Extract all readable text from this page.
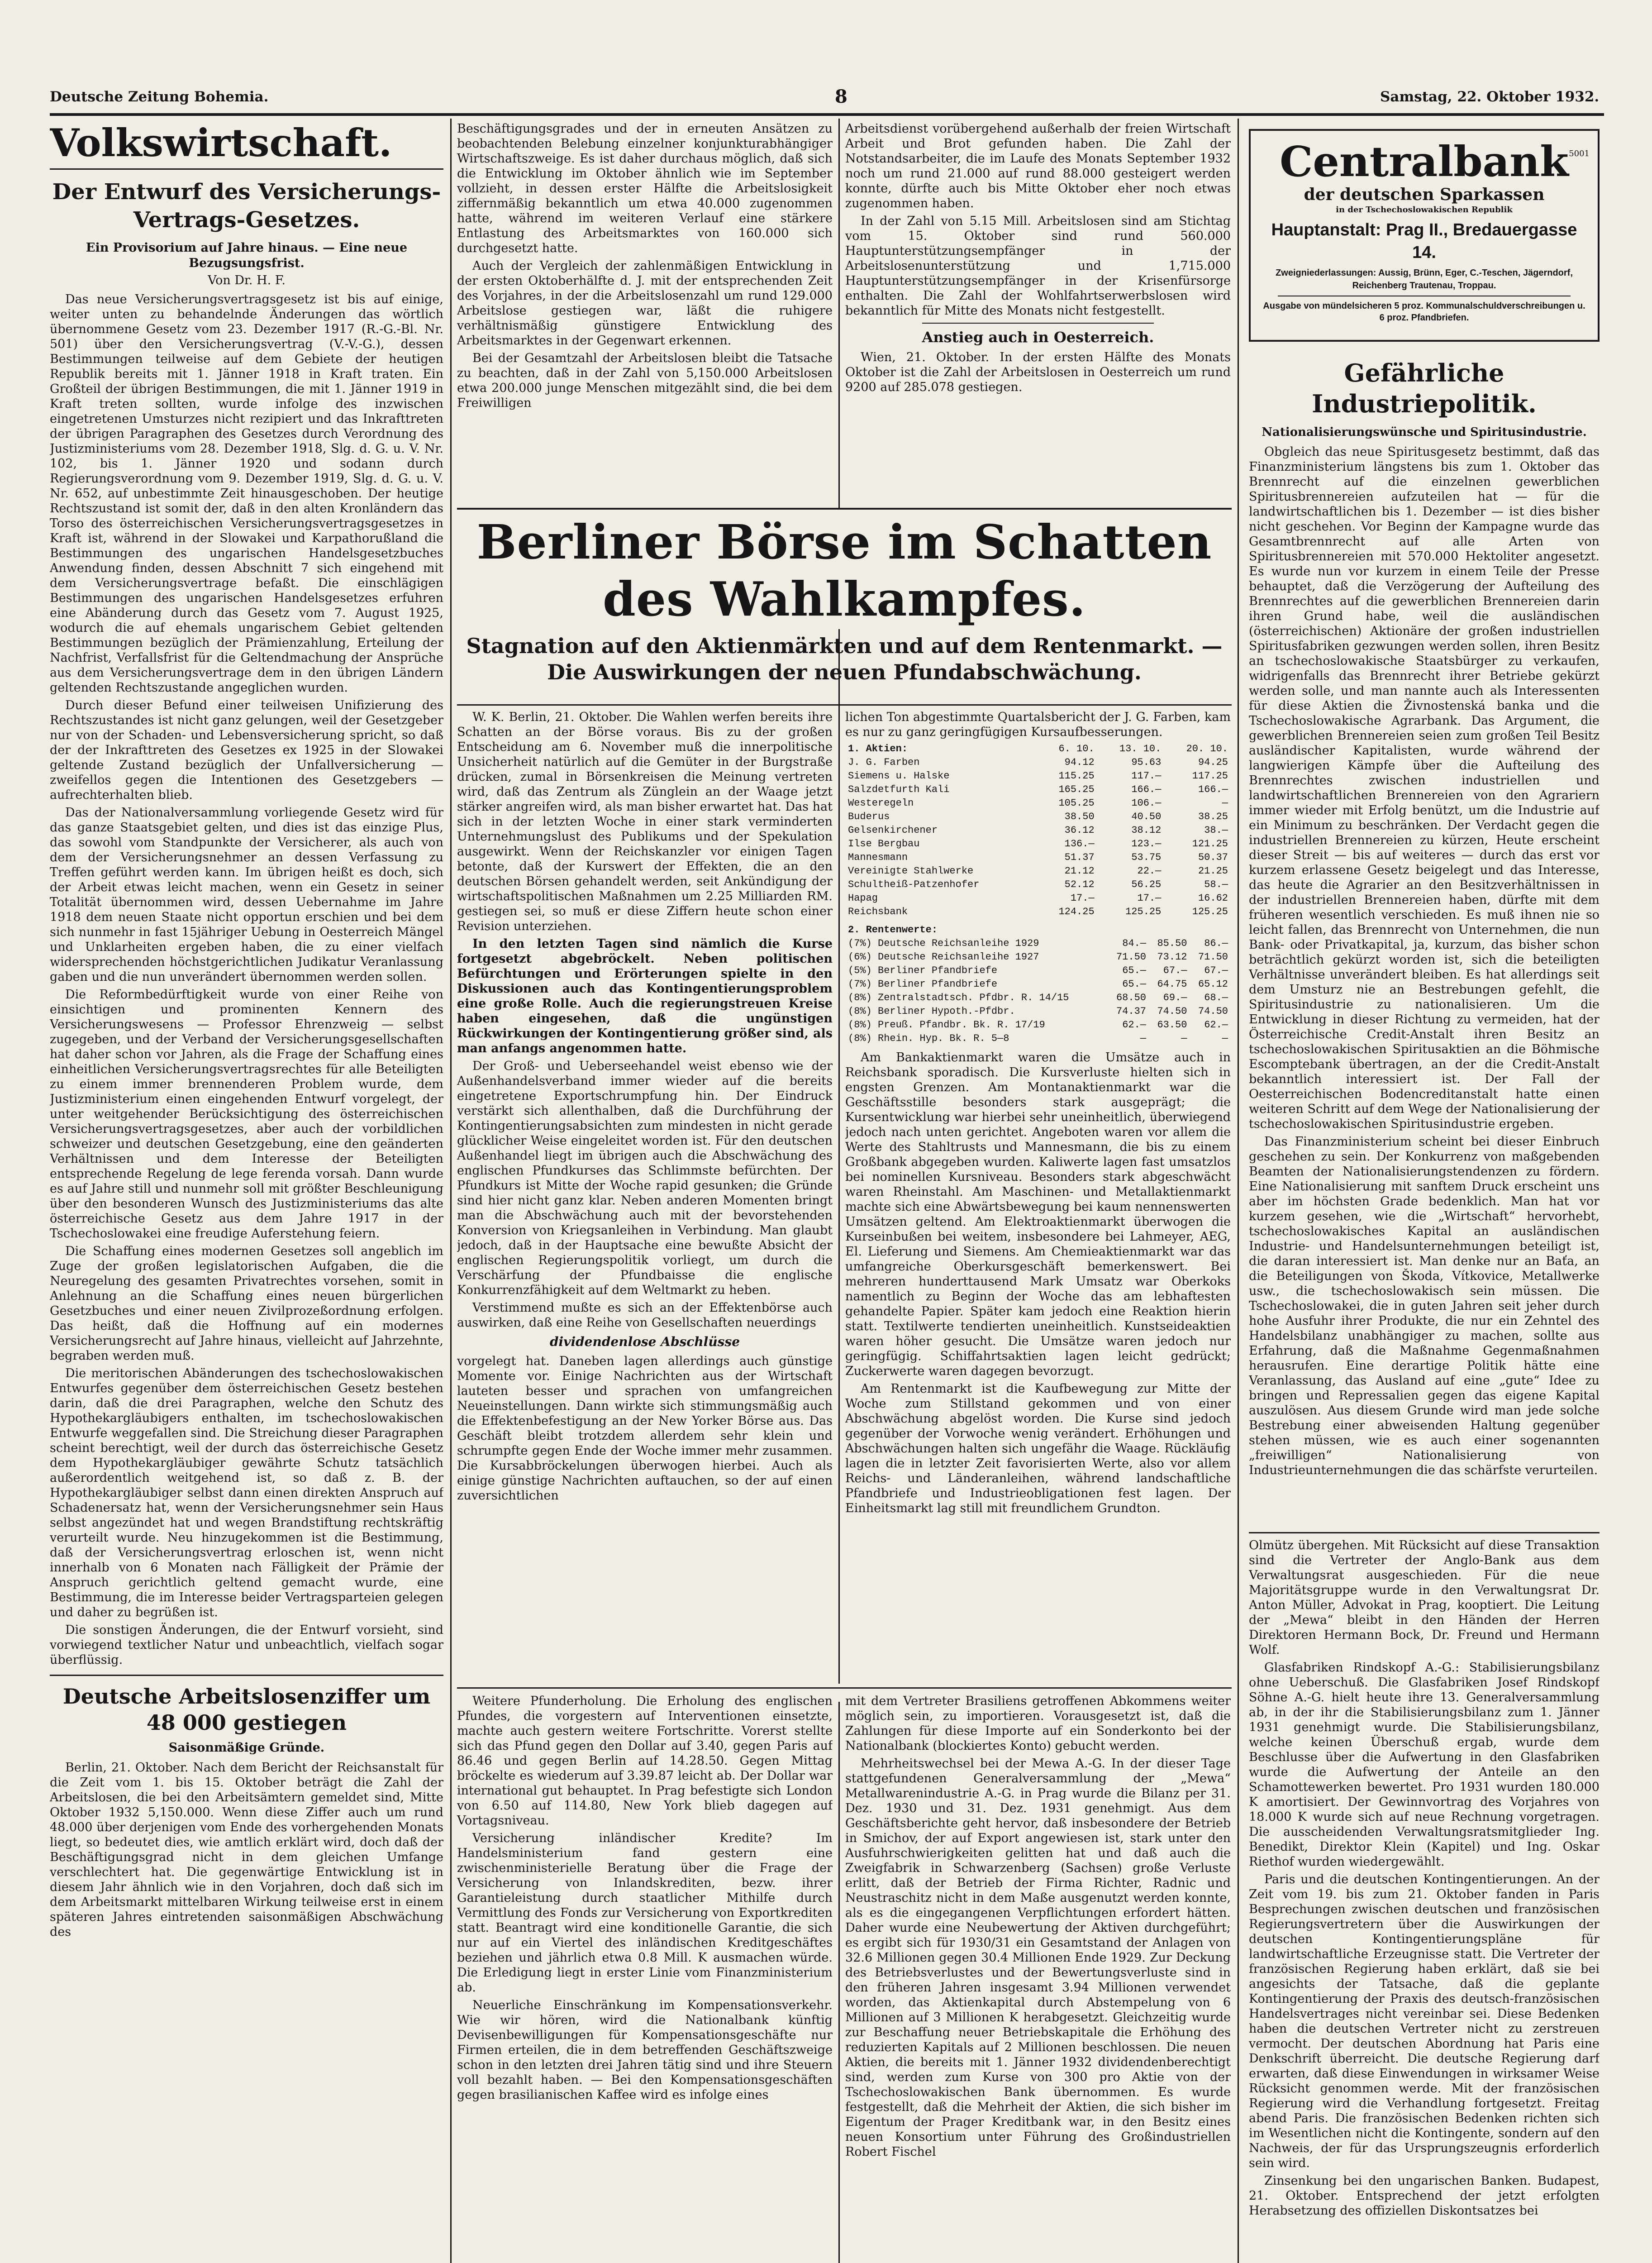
Deutsche Zeitung Bohemia.	8	Samstag, 22. Oktober 1932.
Volkswirtschaft.
Der Entwurf des Versicherungs-Vertrags-Gesetzes.
Ein Provisorium auf Jahre hinaus. — Eine neue Bezugsungsfrist.
Von Dr. H. F.

Das neue Versicherungsvertragsgesetz ist bis auf einige, weiter unten zu behandelnde Änderungen das wörtlich übernommene Gesetz vom 23. Dezember 1917 (R.-G.-Bl. Nr. 501) über den Versicherungsvertrag (V.-V.-G.), dessen Bestimmungen teilweise auf dem Gebiete der heutigen Republik bereits mit 1. Jänner 1918 in Kraft traten. Ein Großteil der übrigen Bestimmungen, die mit 1. Jänner 1919 in Kraft treten sollten, wurde infolge des inzwischen eingetretenen Umsturzes nicht rezipiert und das Inkrafttreten der übrigen Paragraphen des Gesetzes durch Verordnung des Justizministeriums vom 28. Dezember 1918, Slg. d. G. u. V. Nr. 102, bis 1. Jänner 1920 und sodann durch Regierungsverordnung vom 9. Dezember 1919, Slg. d. G. u. V. Nr. 652, auf unbestimmte Zeit hinausgeschoben. Der heutige Rechtszustand ist somit der, daß in den alten Kronländern das Torso des österreichischen Versicherungsvertragsgesetzes in Kraft ist, während in der Slowakei und Karpathorußland die Bestimmungen des ungarischen Handelsgesetzbuches Anwendung finden, dessen Abschnitt 7 sich eingehend mit dem Versicherungsvertrage befaßt. Die einschlägigen Bestimmungen des ungarischen Handelsgesetzes erfuhren eine Abänderung durch das Gesetz vom 7. August 1925, wodurch die auf ehemals ungarischem Gebiet geltenden Bestimmungen bezüglich der Prämienzahlung, Erteilung der Nachfrist, Verfallsfrist für die Geltendmachung der Ansprüche aus dem Versicherungsvertrage dem in den übrigen Ländern geltenden Rechtszustande angeglichen wurden.

Durch dieser Befund einer teilweisen Unifizierung des Rechtszustandes ist nicht ganz gelungen, weil der Gesetzgeber nur von der Schaden- und Lebensversicherung spricht, so daß der der Inkrafttreten des Gesetzes ex 1925 in der Slowakei geltende Zustand bezüglich der Unfallversicherung — zweifellos gegen die Intentionen des Gesetzgebers — aufrechterhalten blieb.

Das der Nationalversammlung vorliegende Gesetz wird für das ganze Staatsgebiet gelten, und dies ist das einzige Plus, das sowohl vom Standpunkte der Versicherer, als auch von dem der Versicherungsnehmer an dessen Verfassung zu Treffen geführt werden kann. Im übrigen heißt es doch, sich der Arbeit etwas leicht machen, wenn ein Gesetz in seiner Totalität übernommen wird, dessen Uebernahme im Jahre 1918 dem neuen Staate nicht opportun erschien und bei dem sich nunmehr in fast 15jähriger Uebung in Oesterreich Mängel und Unklarheiten ergeben haben, die zu einer vielfach widersprechenden höchstgerichtlichen Judikatur Veranlassung gaben und die nun unverändert übernommen werden sollen.

Die Reformbedürftigkeit wurde von einer Reihe von einsichtigen und prominenten Kennern des Versicherungswesens — Professor Ehrenzweig — selbst zugegeben, und der Verband der Versicherungsgesellschaften hat daher schon vor Jahren, als die Frage der Schaffung eines einheitlichen Versicherungsvertragsrechtes für alle Beteiligten zu einem immer brennenderen Problem wurde, dem Justizministerium einen eingehenden Entwurf vorgelegt, der unter weitgehender Berücksichtigung des österreichischen Versicherungsvertragsgesetzes, aber auch der vorbildlichen schweizer und deutschen Gesetzgebung, eine den geänderten Verhältnissen und dem Interesse der Beteiligten entsprechende Regelung de lege ferenda vorsah. Dann wurde es auf Jahre still und nunmehr soll mit größter Beschleunigung über den besonderen Wunsch des Justizministeriums das alte österreichische Gesetz aus dem Jahre 1917 in der Tschechoslowakei eine freudige Auferstehung feiern.

Die Schaffung eines modernen Gesetzes soll angeblich im Zuge der großen legislatorischen Aufgaben, die die Neuregelung des gesamten Privatrechtes vorsehen, somit in Anlehnung an die Schaffung eines neuen bürgerlichen Gesetzbuches und einer neuen Zivilprozeßordnung erfolgen. Das heißt, daß die Hoffnung auf ein modernes Versicherungsrecht auf Jahre hinaus, vielleicht auf Jahrzehnte, begraben werden muß.

Die meritorischen Abänderungen des tschechoslowakischen Entwurfes gegenüber dem österreichischen Gesetz bestehen darin, daß die drei Paragraphen, welche den Schutz des Hypothekargläubigers enthalten, im tschechoslowakischen Entwurfe weggefallen sind. Die Streichung dieser Paragraphen scheint berechtigt, weil der durch das österreichische Gesetz dem Hypothekargläubiger gewährte Schutz tatsächlich außerordentlich weitgehend ist, so daß z. B. der Hypothekargläubiger selbst dann einen direkten Anspruch auf Schadenersatz hat, wenn der Versicherungsnehmer sein Haus selbst angezündet hat und wegen Brandstiftung rechtskräftig verurteilt wurde. Neu hinzugekommen ist die Bestimmung, daß der Versicherungsvertrag erloschen ist, wenn nicht innerhalb von 6 Monaten nach Fälligkeit der Prämie der Anspruch gerichtlich geltend gemacht wurde, eine Bestimmung, die im Interesse beider Vertragsparteien gelegen und daher zu begrüßen ist.

Die sonstigen Änderungen, die der Entwurf vorsieht, sind vorwiegend textlicher Natur und unbeachtlich, vielfach sogar überflüssig.

Deutsche Arbeitslosenziffer um 48 000 gestiegen
Saisonmäßige Gründe.

Berlin, 21. Oktober. Nach dem Bericht der Reichsanstalt für die Zeit vom 1. bis 15. Oktober beträgt die Zahl der Arbeitslosen, die bei den Arbeitsämtern gemeldet sind, Mitte Oktober 1932 5,150.000. Wenn diese Ziffer auch um rund 48.000 über derjenigen vom Ende des vorhergehenden Monats liegt, so bedeutet dies, wie amtlich erklärt wird, doch daß der Beschäftigungsgrad nicht in dem gleichen Umfange verschlechtert hat. Die gegenwärtige Entwicklung ist in diesem Jahr ähnlich wie in den Vorjahren, doch daß sich im dem Arbeitsmarkt mittelbaren Wirkung teilweise erst in einem späteren Jahres eintretenden saisonmäßigen Abschwächung des

Beschäftigungsgrades und der in erneuten Ansätzen zu beobachtenden Belebung einzelner konjunkturabhängiger Wirtschaftszweige. Es ist daher durchaus möglich, daß sich die Entwicklung im Oktober ähnlich wie im September vollzieht, in dessen erster Hälfte die Arbeitslosigkeit ziffernmäßig bekanntlich um etwa 40.000 zugenommen hatte, während im weiteren Verlauf eine stärkere Entlastung des Arbeitsmarktes von 160.000 sich durchgesetzt hatte.

Auch der Vergleich der zahlenmäßigen Entwicklung in der ersten Oktoberhälfte d. J. mit der entsprechenden Zeit des Vorjahres, in der die Arbeitslosenzahl um rund 129.000 Arbeitslose gestiegen war, läßt die ruhigere verhältnismäßig günstigere Entwicklung des Arbeitsmarktes in der Gegenwart erkennen.

Bei der Gesamtzahl der Arbeitslosen bleibt die Tatsache zu beachten, daß in der Zahl von 5,150.000 Arbeitslosen etwa 200.000 junge Menschen mitgezählt sind, die bei dem Freiwilligen

Arbeitsdienst vorübergehend außerhalb der freien Wirtschaft Arbeit und Brot gefunden haben. Die Zahl der Notstandsarbeiter, die im Laufe des Monats September 1932 noch um rund 21.000 auf rund 88.000 gesteigert werden konnte, dürfte auch bis Mitte Oktober eher noch etwas zugenommen haben.

In der Zahl von 5.15 Mill. Arbeitslosen sind am Stichtag vom 15. Oktober sind rund 560.000 Hauptunterstützungsempfänger in der Arbeitslosenunterstützung und 1,715.000 Hauptunterstützungsempfänger in der Krisenfürsorge enthalten. Die Zahl der Wohlfahrtserwerbslosen wird bekanntlich für Mitte des Monats nicht festgestellt.

Anstieg auch in Oesterreich.

Wien, 21. Oktober. In der ersten Hälfte des Monats Oktober ist die Zahl der Arbeitslosen in Oesterreich um rund 9200 auf 285.078 gestiegen.

Berliner Börse im Schatten des Wahlkampfes.
Stagnation auf den Aktienmärkten und auf dem Rentenmarkt. — Die Auswirkungen der neuen Pfundabschwächung.

W. K. Berlin, 21. Oktober. Die Wahlen werfen bereits ihre Schatten an der Börse voraus. Bis zu der großen Entscheidung am 6. November muß die innerpolitische Unsicherheit natürlich auf die Gemüter in der Burgstraße drücken, zumal in Börsenkreisen die Meinung vertreten wird, daß das Zentrum als Zünglein an der Waage jetzt stärker angreifen wird, als man bisher erwartet hat. Das hat sich in der letzten Woche in einer stark verminderten Unternehmungslust des Publikums und der Spekulation ausgewirkt. Wenn der Reichskanzler vor einigen Tagen betonte, daß der Kurswert der Effekten, die an den deutschen Börsen gehandelt werden, seit Ankündigung der wirtschaftspolitischen Maßnahmen um 2.25 Milliarden RM. gestiegen sei, so muß er diese Ziffern heute schon einer Revision unterziehen.

In den letzten Tagen sind nämlich die Kurse fortgesetzt abgebröckelt. Neben politischen Befürchtungen und Erörterungen spielte in den Diskussionen auch das Kontingentierungsproblem eine große Rolle. Auch die regierungstreuen Kreise haben eingesehen, daß die ungünstigen Rückwirkungen der Kontingentierung größer sind, als man anfangs angenommen hatte.

Der Groß- und Ueberseehandel weist ebenso wie der Außenhandelsverband immer wieder auf die bereits eingetretene Exportschrumpfung hin. Der Eindruck verstärkt sich allenthalben, daß die Durchführung der Kontingentierungsabsichten zum mindesten in nicht gerade glücklicher Weise eingeleitet worden ist. Für den deutschen Außenhandel liegt im übrigen auch die Abschwächung des englischen Pfundkurses das Schlimmste befürchten. Der Pfundkurs ist Mitte der Woche rapid gesunken; die Gründe sind hier nicht ganz klar. Neben anderen Momenten bringt man die Abschwächung auch mit der bevorstehenden Konversion von Kriegsanleihen in Verbindung. Man glaubt jedoch, daß in der Hauptsache eine bewußte Absicht der englischen Regierungspolitik vorliegt, um durch die Verschärfung der Pfundbaisse die englische Konkurrenzfähigkeit auf dem Weltmarkt zu heben.

Verstimmend mußte es sich an der Effektenbörse auch auswirken, daß eine Reihe von Gesellschaften neuerdings

dividendenlose Abschlüsse

vorgelegt hat. Daneben lagen allerdings auch günstige Momente vor. Einige Nachrichten aus der Wirtschaft lauteten besser und sprachen von umfangreichen Neueinstellungen. Dann wirkte sich stimmungsmäßig auch die Effektenbefestigung an der New Yorker Börse aus. Das Geschäft bleibt trotzdem allerdem sehr klein und schrumpfte gegen Ende der Woche immer mehr zusammen. Die Kursabbröckelungen überwogen hierbei. Auch als einige günstige Nachrichten auftauchen, so der auf einen zuversichtlichen

lichen Ton abgestimmte Quartalsbericht der J. G. Farben, kam es nur zu ganz geringfügigen Kursaufbesserungen.

1. Aktien:	6. 10.	13. 10.	20. 10.
J. G. Farben	94.12	95.63	94.25
Siemens u. Halske	115.25	117.—	117.25
Salzdetfurth Kali	165.25	166.—	166.—
Westeregeln	105.25	106.—	—
Buderus	38.50	40.50	38.25
Gelsenkirchener	36.12	38.12	38.—
Ilse Bergbau	136.—	123.—	121.25
Mannesmann	51.37	53.75	50.37
Vereinigte Stahlwerke	21.12	22.—	21.25
Schultheiß-Patzenhofer	52.12	56.25	58.—
Hapag	17.—	17.—	16.62
Reichsbank	124.25	125.25	125.25
2. Rentenwerte:			
(7%) Deutsche Reichsanleihe 1929	84.—	85.50	86.—
(6%) Deutsche Reichsanleihe 1927	71.50	73.12	71.50
(5%) Berliner Pfandbriefe	65.—	67.—	67.—
(7%) Berliner Pfandbriefe	65.—	64.75	65.12
(8%) Zentralstadtsch. Pfdbr. R. 14/15	68.50	69.—	68.—
(8%) Berliner Hypoth.-Pfdbr.	74.37	74.50	74.50
(8%) Preuß. Pfandbr. Bk. R. 17/19	62.—	63.50	62.—
(8%) Rhein. Hyp. Bk. R. 5—8	—	—	—

Am Bankaktienmarkt waren die Umsätze auch in Reichsbank sporadisch. Die Kursverluste hielten sich in engsten Grenzen. Am Montanaktienmarkt war die Geschäftsstille besonders stark ausgeprägt; die Kursentwicklung war hierbei sehr uneinheitlich, überwiegend jedoch nach unten gerichtet. Angeboten waren vor allem die Werte des Stahltrusts und Mannesmann, die bis zu einem Großbank abgegeben wurden. Kaliwerte lagen fast umsatzlos bei nominellen Kursniveau. Besonders stark abgeschwächt waren Rheinstahl. Am Maschinen- und Metallaktienmarkt machte sich eine Abwärtsbewegung bei kaum nennenswerten Umsätzen geltend. Am Elektroaktienmarkt überwogen die Kurseinbußen bei weitem, insbesondere bei Lahmeyer, AEG, El. Lieferung und Siemens. Am Chemieaktienmarkt war das umfangreiche Oberkursgeschäft bemerkenswert. Bei mehreren hunderttausend Mark Umsatz war Oberkoks namentlich zu Beginn der Woche das am lebhaftesten gehandelte Papier. Später kam jedoch eine Reaktion hierin statt. Textilwerte tendierten uneinheitlich. Kunstseideaktien waren höher gesucht. Die Umsätze waren jedoch nur geringfügig. Schiffahrtsaktien lagen leicht gedrückt; Zuckerwerte waren dagegen bevorzugt.

Am Rentenmarkt ist die Kaufbewegung zur Mitte der Woche zum Stillstand gekommen und von einer Abschwächung abgelöst worden. Die Kurse sind jedoch gegenüber der Vorwoche wenig verändert. Erhöhungen und Abschwächungen halten sich ungefähr die Waage. Rückläufig lagen die in letzter Zeit favorisierten Werte, also vor allem Reichs- und Länderanleihen, während landschaftliche Pfandbriefe und Industrieobligationen fest lagen. Der Einheitsmarkt lag still mit freundlichem Grundton.

Weitere Pfunderholung. Die Erholung des englischen Pfundes, die vorgestern auf Interventionen einsetzte, machte auch gestern weitere Fortschritte. Vorerst stellte sich das Pfund gegen den Dollar auf 3.40, gegen Paris auf 86.46 und gegen Berlin auf 14.28.50. Gegen Mittag bröckelte es wiederum auf 3.39.87 leicht ab. Der Dollar war international gut behauptet. In Prag befestigte sich London von 6.50 auf 114.80, New York blieb dagegen auf Vortagsniveau.

Versicherung inländischer Kredite? Im Handelsministerium fand gestern eine zwischenministerielle Beratung über die Frage der Versicherung von Inlandskrediten, bezw. ihrer Garantieleistung durch staatlicher Mithilfe durch Vermittlung des Fonds zur Versicherung von Exportkrediten statt. Beantragt wird eine konditionelle Garantie, die sich nur auf ein Viertel des inländischen Kreditgeschäftes beziehen und jährlich etwa 0.8 Mill. K ausmachen würde. Die Erledigung liegt in erster Linie vom Finanzministerium ab.

Neuerliche Einschränkung im Kompensationsverkehr. Wie wir hören, wird die Nationalbank künftig Devisenbewilligungen für Kompensationsgeschäfte nur Firmen erteilen, die in dem betreffenden Geschäftszweige schon in den letzten drei Jahren tätig sind und ihre Steuern voll bezahlt haben. — Bei den Kompensationsgeschäften gegen brasilianischen Kaffee wird es infolge eines

mit dem Vertreter Brasiliens getroffenen Abkommens weiter möglich sein, zu importieren. Vorausgesetzt ist, daß die Zahlungen für diese Importe auf ein Sonderkonto bei der Nationalbank (blockiertes Konto) gebucht werden.

Mehrheitswechsel bei der Mewa A.-G. In der dieser Tage stattgefundenen Generalversammlung der „Mewa“ Metallwarenindustrie A.-G. in Prag wurde die Bilanz per 31. Dez. 1930 und 31. Dez. 1931 genehmigt. Aus dem Geschäftsberichte geht hervor, daß insbesondere der Betrieb in Smichov, der auf Export angewiesen ist, stark unter den Ausfuhrschwierigkeiten gelitten hat und daß auch die Zweigfabrik in Schwarzenberg (Sachsen) große Verluste erlitt, daß der Betrieb der Firma Richter, Radnic und Neustraschitz nicht in dem Maße ausgenutzt werden konnte, als es die eingegangenen Verpflichtungen erfordert hätten. Daher wurde eine Neubewertung der Aktiven durchgeführt; es ergibt sich für 1930/31 ein Gesamtstand der Anlagen von 32.6 Millionen gegen 30.4 Millionen Ende 1929. Zur Deckung des Betriebsverlustes und der Bewertungsverluste sind in den früheren Jahren insgesamt 3.94 Millionen verwendet worden, das Aktienkapital durch Abstempelung von 6 Millionen auf 3 Millionen K herabgesetzt. Gleichzeitig wurde zur Beschaffung neuer Betriebskapitale die Erhöhung des reduzierten Kapitals auf 2 Millionen beschlossen. Die neuen Aktien, die bereits mit 1. Jänner 1932 dividendenberechtigt sind, werden zum Kurse von 300 pro Aktie von der Tschechoslowakischen Bank übernommen. Es wurde festgestellt, daß die Mehrheit der Aktien, die sich bisher im Eigentum der Prager Kreditbank war, in den Besitz eines neuen Konsortium unter Führung des Großindustriellen Robert Fischel

5001
Centralbank
der deutschen Sparkassen
in der Tschechoslowakischen Republik
Hauptanstalt: Prag II., Bredauergasse 14.
Zweigniederlassungen: Aussig, Brünn, Eger, C.-Teschen, Jägerndorf, Reichenberg Trautenau, Troppau.
Ausgabe von mündelsicheren 5 proz. Kommunalschuldverschreibungen u. 6 proz. Pfandbriefen.
Gefährliche Industriepolitik.
Nationalisierungswünsche und Spiritusindustrie.

Obgleich das neue Spiritusgesetz bestimmt, daß das Finanzministerium längstens bis zum 1. Oktober das Brennrecht auf die einzelnen gewerblichen Spiritusbrennereien aufzuteilen hat — für die landwirtschaftlichen bis 1. Dezember — ist dies bisher nicht geschehen. Vor Beginn der Kampagne wurde das Gesamtbrennrecht auf alle Arten von Spiritusbrennereien mit 570.000 Hektoliter angesetzt. Es wurde nun vor kurzem in einem Teile der Presse behauptet, daß die Verzögerung der Aufteilung des Brennrechtes auf die gewerblichen Brennereien darin ihren Grund habe, weil die ausländischen (österreichischen) Aktionäre der großen industriellen Spiritusfabriken gezwungen werden sollen, ihren Besitz an tschechoslowakische Staatsbürger zu verkaufen, widrigenfalls das Brennrecht ihrer Betriebe gekürzt werden solle, und man nannte auch als Interessenten für diese Aktien die Živnostenská banka und die Tschechoslowakische Agrarbank. Das Argument, die gewerblichen Brennereien seien zum großen Teil Besitz ausländischer Kapitalisten, wurde während der langwierigen Kämpfe über die Aufteilung des Brennrechtes zwischen industriellen und landwirtschaftlichen Brennereien von den Agrariern immer wieder mit Erfolg benützt, um die Industrie auf ein Minimum zu beschränken. Der Verdacht gegen die industriellen Brennereien zu kürzen, Heute erscheint dieser Streit — bis auf weiteres — durch das erst vor kurzem erlassene Gesetz beigelegt und das Interesse, das heute die Agrarier an den Besitzverhältnissen in der industriellen Brennereien haben, dürfte mit dem früheren wesentlich verschieden. Es muß ihnen nie so leicht fallen, das Brennrecht von Unternehmen, die nun Bank- oder Privatkapital, ja, kurzum, das bisher schon beträchtlich gekürzt worden ist, sich die beteiligten Verhältnisse unverändert bleiben. Es hat allerdings seit dem Umsturz nie an Bestrebungen gefehlt, die Spiritusindustrie zu nationalisieren. Um die Entwicklung in dieser Richtung zu vermeiden, hat der Österreichische Credit-Anstalt ihren Besitz an tschechoslowakischen Spiritusaktien an die Böhmische Escomptebank übertragen, an der die Credit-Anstalt bekanntlich interessiert ist. Der Fall der Oesterreichischen Bodencreditanstalt hatte einen weiteren Schritt auf dem Wege der Nationalisierung der tschechoslowakischen Spiritusindustrie ergeben.

Das Finanzministerium scheint bei dieser Einbruch geschehen zu sein. Der Konkurrenz von maßgebenden Beamten der Nationalisierungstendenzen zu fördern. Eine Nationalisierung mit sanftem Druck erscheint uns aber im höchsten Grade bedenklich. Man hat vor kurzem gesehen, wie die „Wirtschaft“ hervorhebt, tschechoslowakisches Kapital an ausländischen Industrie- und Handelsunternehmungen beteiligt ist, die daran interessiert ist. Man denke nur an Baťa, an die Beteiligungen von Škoda, Vítkovice, Metallwerke usw., die tschechoslowakisch sein müssen. Die Tschechoslowakei, die in guten Jahren seit jeher durch hohe Ausfuhr ihrer Produkte, die nur ein Zehntel des Handelsbilanz unabhängiger zu machen, sollte aus Erfahrung, daß die Maßnahme Gegenmaßnahmen herausrufen. Eine derartige Politik hätte eine Veranlassung, das Ausland auf eine „gute“ Idee zu bringen und Repressalien gegen das eigene Kapital auszulösen. Aus diesem Grunde wird man jede solche Bestrebung einer abweisenden Haltung gegenüber stehen müssen, wie es auch einer sogenannten „freiwilligen“ Nationalisierung von Industrieunternehmungen die das schärfste verurteilen.

Olmütz übergehen. Mit Rücksicht auf diese Transaktion sind die Vertreter der Anglo-Bank aus dem Verwaltungsrat ausgeschieden. Für die neue Majoritätsgruppe wurde in den Verwaltungsrat Dr. Anton Müller, Advokat in Prag, kooptiert. Die Leitung der „Mewa“ bleibt in den Händen der Herren Direktoren Hermann Bock, Dr. Freund und Hermann Wolf.

Glasfabriken Rindskopf A.-G.: Stabilisierungsbilanz ohne Ueberschuß. Die Glasfabriken Josef Rindskopf Söhne A.-G. hielt heute ihre 13. Generalversammlung ab, in der ihr die Stabilisierungsbilanz zum 1. Jänner 1931 genehmigt wurde. Die Stabilisierungsbilanz, welche keinen Überschuß ergab, wurde dem Beschlusse über die Aufwertung in den Glasfabriken wurde die Aufwertung der Anteile an den Schamottewerken bewertet. Pro 1931 wurden 180.000 K amortisiert. Der Gewinnvortrag des Vorjahres von 18.000 K wurde sich auf neue Rechnung vorgetragen. Die ausscheidenden Verwaltungsratsmitglieder Ing. Benedikt, Direktor Klein (Kapitel) und Ing. Oskar Riethof wurden wiedergewählt.

Paris und die deutschen Kontingentierungen. An der Zeit vom 19. bis zum 21. Oktober fanden in Paris Besprechungen zwischen deutschen und französischen Regierungsvertretern über die Auswirkungen der deutschen Kontingentierungspläne für landwirtschaftliche Erzeugnisse statt. Die Vertreter der französischen Regierung haben erklärt, daß sie bei angesichts der Tatsache, daß die geplante Kontingentierung der Praxis des deutsch-französischen Handelsvertrages nicht vereinbar sei. Diese Bedenken haben die deutschen Vertreter nicht zu zerstreuen vermocht. Der deutschen Abordnung hat Paris eine Denkschrift überreicht. Die deutsche Regierung darf erwarten, daß diese Einwendungen in wirksamer Weise Rücksicht genommen werde. Mit der französischen Regierung wird die Verhandlung fortgesetzt. Freitag abend Paris. Die französischen Bedenken richten sich im Wesentlichen nicht die Kontingente, sondern auf den Nachweis, der für das Ursprungszeugnis erforderlich sein wird.

Zinsenkung bei den ungarischen Banken. Budapest, 21. Oktober. Entsprechend der jetzt erfolgten Herabsetzung des offiziellen Diskontsatzes bei
